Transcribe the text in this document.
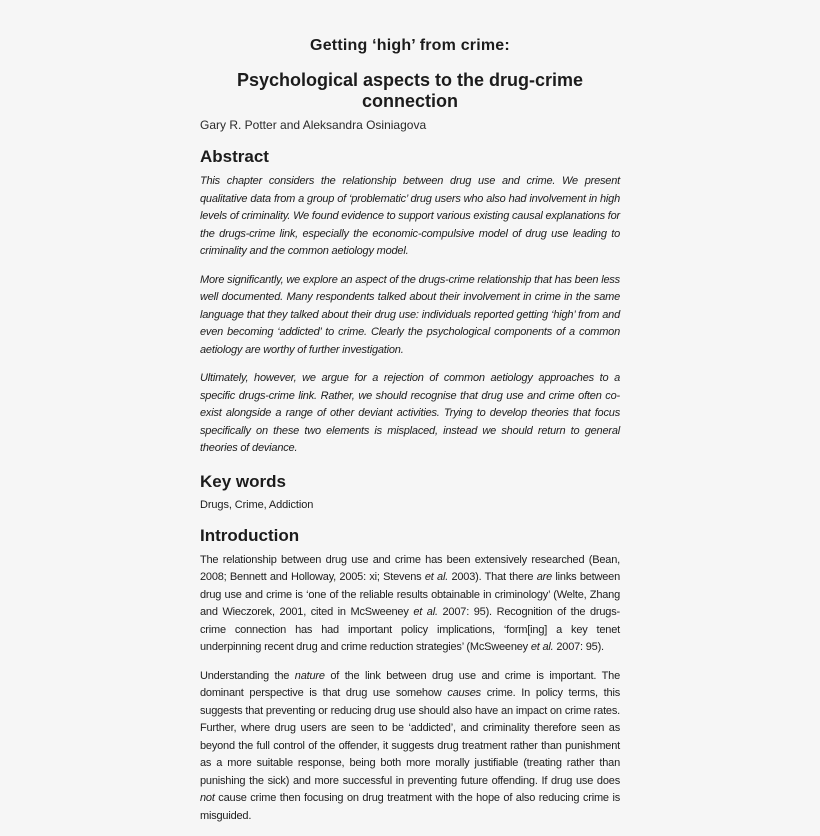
Getting ‘high’ from crime:
Psychological aspects to the drug-crime connection
Gary R. Potter and Aleksandra Osiniagova
Abstract

This chapter considers the relationship between drug use and crime. We present qualitative data from a group of ‘problematic’ drug users who also had involvement in high levels of criminality. We found evidence to support various existing causal explanations for the drugs-crime link, especially the economic-compulsive model of drug use leading to criminality and the common aetiology model.

More significantly, we explore an aspect of the drugs-crime relationship that has been less well documented. Many respondents talked about their involvement in crime in the same language that they talked about their drug use: individuals reported getting ‘high’ from and even becoming ‘addicted’ to crime. Clearly the psychological components of a common aetiology are worthy of further investigation.

Ultimately, however, we argue for a rejection of common aetiology approaches to a specific drugs-crime link. Rather, we should recognise that drug use and crime often co-exist alongside a range of other deviant activities. Trying to develop theories that focus specifically on these two elements is misplaced, instead we should return to general theories of deviance.

Key words
Drugs, Crime, Addiction
Introduction

The relationship between drug use and crime has been extensively researched (Bean, 2008; Bennett and Holloway, 2005: xi; Stevens et al. 2003). That there are links between drug use and crime is ‘one of the reliable results obtainable in criminology’ (Welte, Zhang and Wieczorek, 2001, cited in McSweeney et al. 2007: 95). Recognition of the drugs-crime connection has had important policy implications, ‘form[ing] a key tenet underpinning recent drug and crime reduction strategies’ (McSweeney et al. 2007: 95).

Understanding the nature of the link between drug use and crime is important. The dominant perspective is that drug use somehow causes crime. In policy terms, this suggests that preventing or reducing drug use should also have an impact on crime rates. Further, where drug users are seen to be ‘addicted’, and criminality therefore seen as beyond the full control of the offender, it suggests drug treatment rather than punishment as a more suitable response, being both more morally justifiable (treating rather than punishing the sick) and more successful in preventing future offending. If drug use does not cause crime then focusing on drug treatment with the hope of also reducing crime is misguided.
